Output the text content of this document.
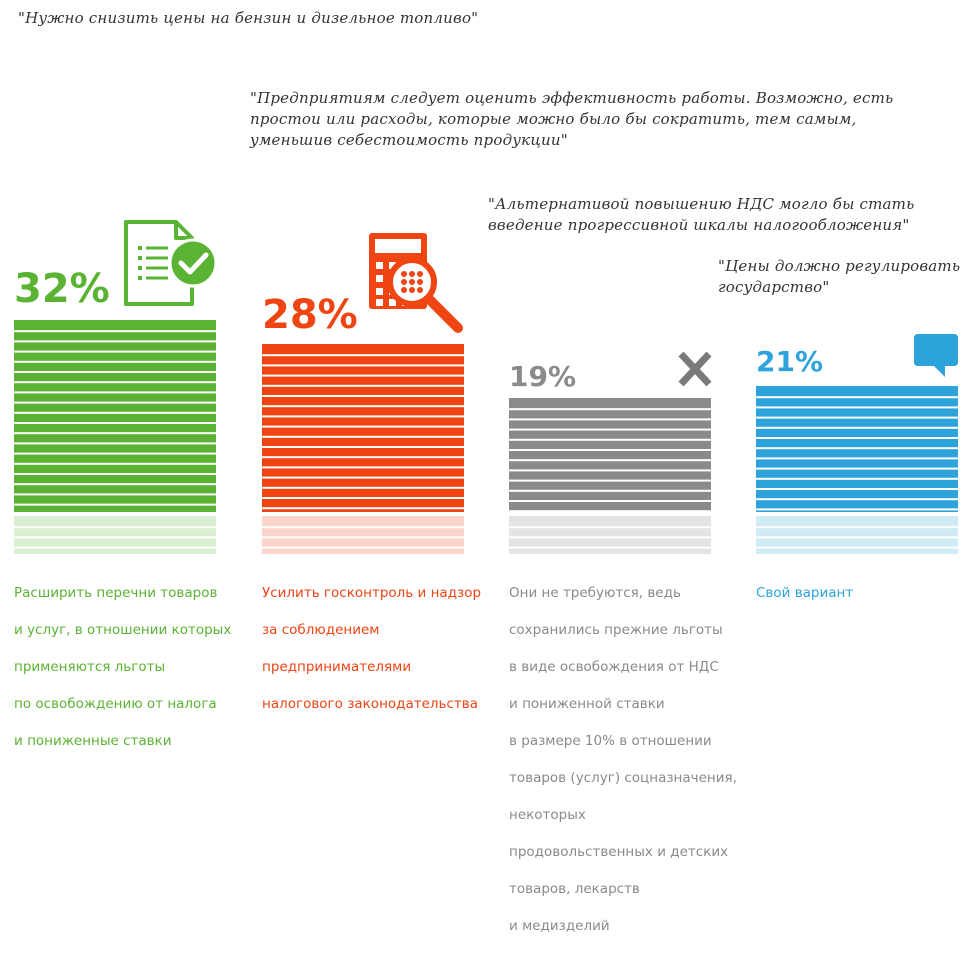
"Нужно снизить цены на бензин и дизельное топливо"
"Предприятиям следует оценить эффективность работы. Возможно, есть
простои или расходы, которые можно было бы сократить, тем самым,
уменьшив себестоимость продукции"
"Альтернативой повышению НДС могло бы стать
введение прогрессивной шкалы налогообложения"
"Цены должно регулировать
государство"
32%
28%
19%	21%

Расширить перечни товаров

и услуг, в отношении которых

применяются льготы

по освобождению от налога

и пониженные ставки

Усилить госконтроль и надзор

за соблюдением

предпринимателями

налогового законодательства

Они не требуются, ведь

сохранились прежние льготы

в виде освобождения от НДС

и пониженной ставки

в размере 10% в отношении

товаров (услуг) соцназначения,

некоторых

продовольственных и детских

товаров, лекарств

и медизделий

Свой вариант
